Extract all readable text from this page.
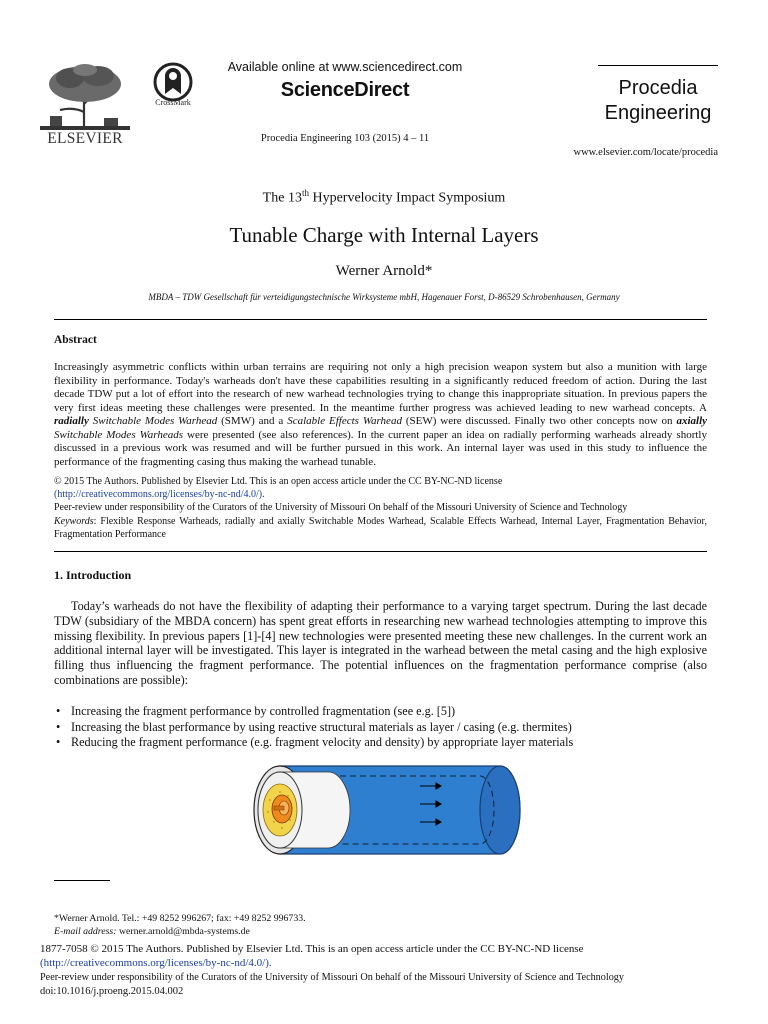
ELSEVIER
CrossMark
Available online at www.sciencedirect.com
ScienceDirect
Procedia Engineering 103 (2015) 4 – 11
Procedia
Engineering
www.elsevier.com/locate/procedia
The 13th Hypervelocity Impact Symposium
Tunable Charge with Internal Layers
Werner Arnold*
MBDA – TDW Gesellschaft für verteidigungstechnische Wirksysteme mbH, Hagenauer Forst, D-86529 Schrobenhausen, Germany
Abstract
Increasingly asymmetric conflicts within urban terrains are requiring not only a high precision weapon system but also a munition with large flexibility in performance. Today's warheads don't have these capabilities resulting in a significantly reduced freedom of action. During the last decade TDW put a lot of effort into the research of new warhead technologies trying to change this inappropriate situation. In previous papers the very first ideas meeting these challenges were presented. In the meantime further progress was achieved leading to new warhead concepts. A radially Switchable Modes Warhead (SMW) and a Scalable Effects Warhead (SEW) were discussed. Finally two other concepts now on axially Switchable Modes Warheads were presented (see also references). In the current paper an idea on radially performing warheads already shortly discussed in a previous work was resumed and will be further pursued in this work. An internal layer was used in this study to influence the performance of the fragmenting casing thus making the warhead tunable.
© 2015 The Authors. Published by Elsevier Ltd. This is an open access article under the CC BY-NC-ND license
(http://creativecommons.org/licenses/by-nc-nd/4.0/).
Peer-review under responsibility of the Curators of the University of Missouri On behalf of the Missouri University of Science and Technology
Keywords: Flexible Response Warheads, radially and axially Switchable Modes Warhead, Scalable Effects Warhead, Internal Layer, Fragmentation Behavior, Fragmentation Performance
1. Introduction
Today’s warheads do not have the flexibility of adapting their performance to a varying target spectrum. During the last decade TDW (subsidiary of the MBDA concern) has spent great efforts in researching new warhead technologies attempting to improve this missing flexibility. In previous papers [1]-[4] new technologies were presented meeting these new challenges. In the current work an additional internal layer will be investigated. This layer is integrated in the warhead between the metal casing and the high explosive filling thus influencing the fragment performance. The potential influences on the fragmentation performance comprise (also combinations are possible):
• Increasing the fragment performance by controlled fragmentation (see e.g. [5])
• Increasing the blast performance by using reactive structural materials as layer / casing (e.g. thermites)
• Reducing the fragment performance (e.g. fragment velocity and density) by appropriate layer materials
*Werner Arnold. Tel.: +49 8252 996267; fax: +49 8252 996733.
E-mail address: werner.arnold@mbda-systems.de
1877-7058 © 2015 The Authors. Published by Elsevier Ltd. This is an open access article under the CC BY-NC-ND license
(http://creativecommons.org/licenses/by-nc-nd/4.0/).
Peer-review under responsibility of the Curators of the University of Missouri On behalf of the Missouri University of Science and Technology
doi:10.1016/j.proeng.2015.04.002
